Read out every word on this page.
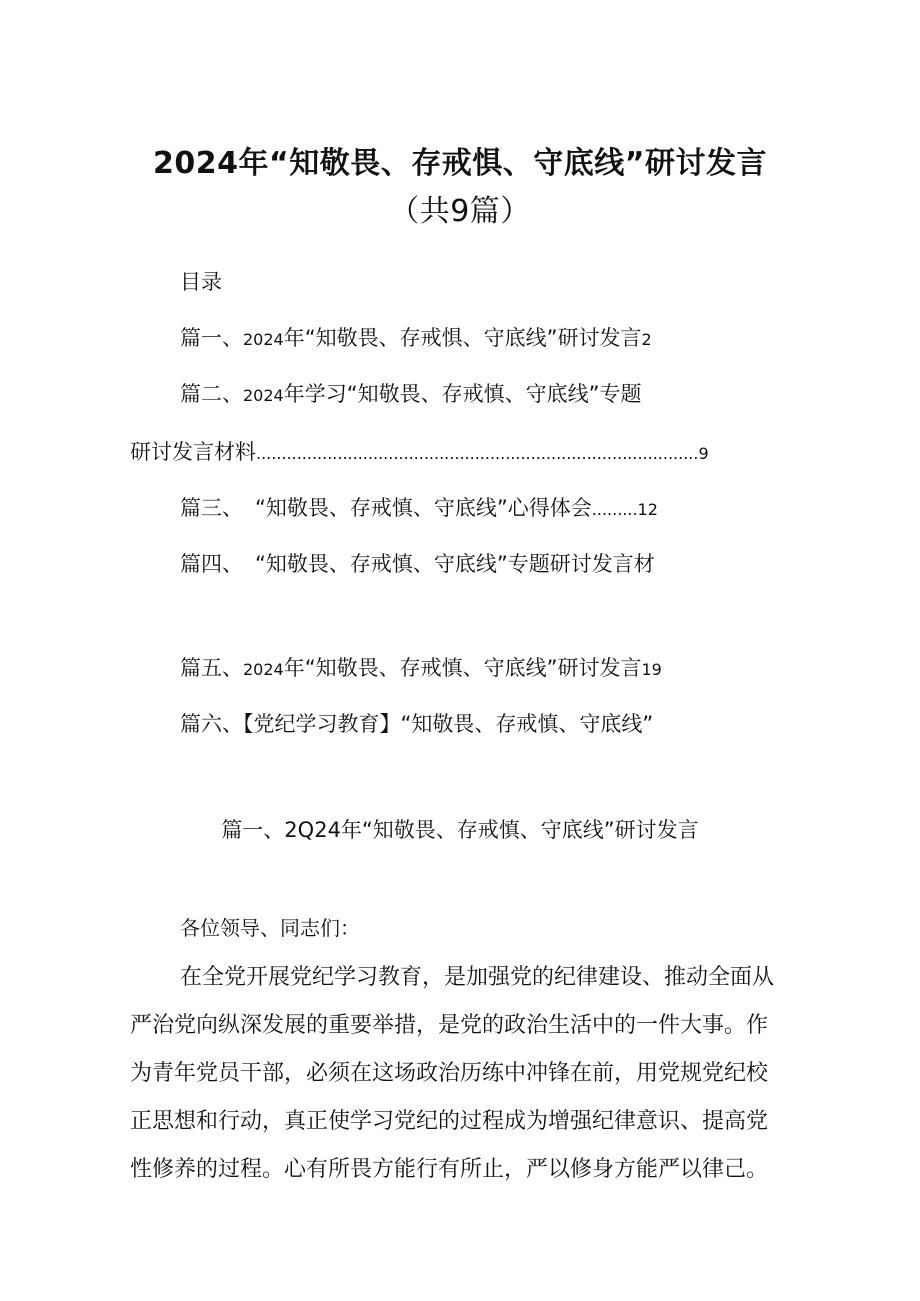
2024年“知敬畏、存戒惧、守底线”研讨发言
（共9篇）
目录
篇一、2024年“知敬畏、存戒惧、守底线”研讨发言2
篇二、2024年学习“知敬畏、存戒慎、守底线”专题
研讨发言材料.......................................................................................9
篇三、 “知敬畏、存戒慎、守底线”心得体会.........12
篇四、 “知敬畏、存戒慎、守底线”专题研讨发言材
篇五、2024年“知敬畏、存戒慎、守底线”研讨发言19
篇六、【党纪学习教育】“知敬畏、存戒慎、守底线”
篇一、2Q24年“知敬畏、存戒慎、守底线”研讨发言
各位领导、同志们：
在全党开展党纪学习教育，是加强党的纪律建设、推动全面从
严治党向纵深发展的重要举措，是党的政治生活中的一件大事。作
为青年党员干部，必须在这场政治历练中冲锋在前，用党规党纪校
正思想和行动，真正使学习党纪的过程成为增强纪律意识、提高党
性修养的过程。心有所畏方能行有所止，严以修身方能严以律己。
